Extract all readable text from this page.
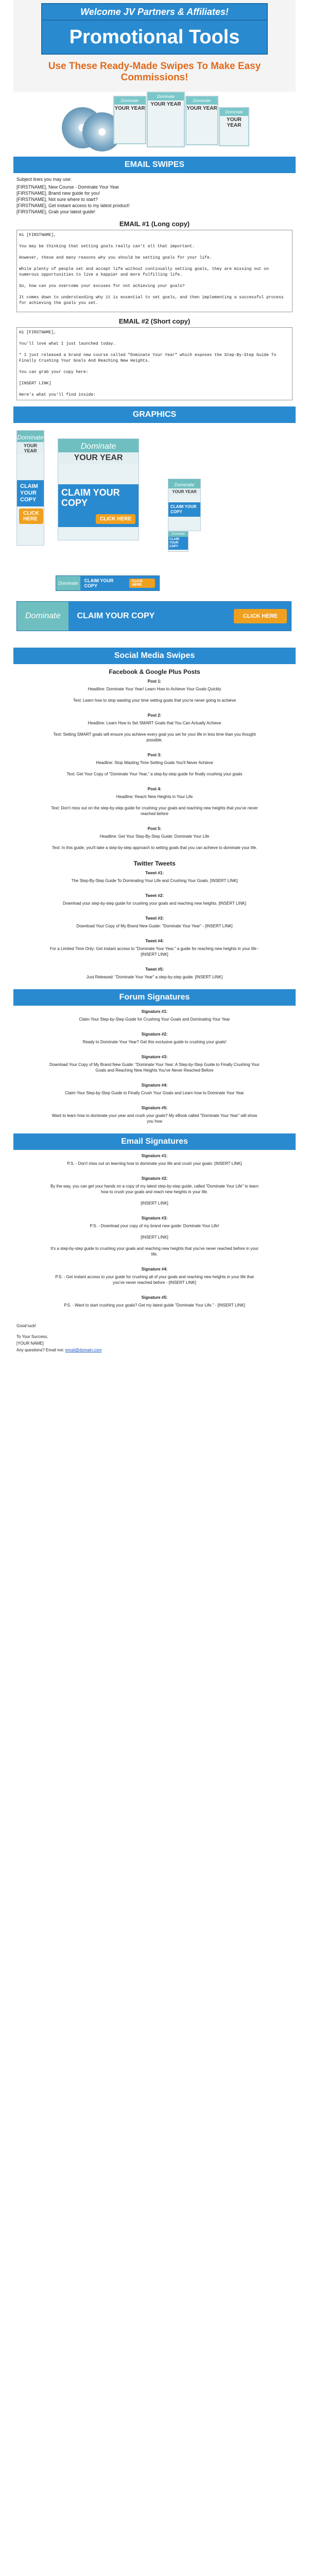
Welcome JV Partners & Affiliates!
Promotional Tools
Use These Ready-Made Swipes To Make Easy Commissions!
Dominate
YOUR YEAR
Dominate
YOUR YEAR
Dominate
YOUR YEAR
Dominate
YOUR YEAR
EMAIL SWIPES
Subject lines you may use:
[FIRSTNAME], New Course - Dominate Your Year
[FIRSTNAME], Brand new guide for you!
[FIRSTNAME], Not sure where to start?
[FIRSTNAME], Get instant access to my latest product!
[FIRSTNAME], Grab your latest guide!
EMAIL #1 (Long copy)
Hi [FIRSTNAME],

You may be thinking that setting goals really can't all that important.

However, these and many reasons why you should be setting goals for your life.

While plenty of people set and accept life without continually setting goals, they are missing out on numerous opportunities to live a happier and more fulfilling life.

So, how can you overcome your excuses for not achieving your goals?

It comes down to understanding why it is essential to set goals, and then implementing a successful process for achieving the goals you set.

EMAIL #2 (Short copy)
Hi [FIRSTNAME],

You'll love what I just launched today.

* I just released a brand new course called "Dominate Your Year" which exposes the Step-By-Step Guide To Finally Crushing Your Goals And Reaching New Heights.

You can grab your copy here:

[INSERT LINK]

Here's what you'll find inside:

GRAPHICS
Dominate
YOUR YEAR
CLAIM YOUR COPY
CLICK HERE
Dominate
YOUR YEAR
CLAIM YOUR COPY
CLICK HERE
Dominate
YOUR YEAR
CLAIM YOUR COPY
Dominate
CLAIM YOUR COPY
Dominate	CLAIM YOUR COPY
CLICK HERE
Dominate	CLAIM YOUR COPY	CLICK HERE
Social Media Swipes
Facebook & Google Plus Posts
Post 1:
Headline: Dominate Your Year! Learn How to Achieve Your Goals Quickly

Text: Learn how to stop wasting your time setting goals that you're never going to achieve
Post 2:
Headline: Learn How to Set SMART Goals that You Can Actually Achieve

Text: Setting SMART goals will ensure you achieve every goal you set for your life in less time than you thought possible.
Post 3:
Headline: Stop Wasting Time Setting Goals You'll Never Achieve

Text: Get Your Copy of "Dominate Your Year," a step-by-step guide for finally crushing your goals
Post 4:
Headline: Reach New Heights in Your Life

Text: Don't miss out on the step-by-step guide for crushing your goals and reaching new heights that you've never reached before
Post 5:
Headline: Get Your Step-By-Step Guide: Dominate Your Life

Text: In this guide, you'll take a step-by-step approach to setting goals that you can achieve to dominate your life.
Twitter Tweets
Tweet #1:
The Step-By-Step Guide To Dominating Your Life and Crushing Your Goals. [INSERT LINK]
Tweet #2:
Download your step-by-step guide for crushing your goals and reaching new heights. [INSERT LINK]
Tweet #3:
Download Your Copy of My Brand New Guide: "Dominate Your Year" - [INSERT LINK]
Tweet #4:
For a Limited Time Only: Get instant access to "Dominate Your Year," a guide for reaching new heights in your life - [INSERT LINK]
Tweet #5:
Just Released: "Dominate Your Year" a step-by-step guide. [INSERT LINK]
Forum Signatures
Signature #1:
Claim Your Step-by-Step Guide for Crushing Your Goals and Dominating Your Year
Signature #2:
Ready to Dominate Your Year? Get this exclusive guide to crushing your goals!
Signature #3:
Download Your Copy of My Brand New Guide: "Dominate Your Year: A Step-by-Step Guide to Finally Crushing Your Goals and Reaching New Heights You've Never Reached Before
Signature #4:
Claim Your Step-by-Step Guide to Finally Crush Your Goals and Learn how to Dominate Your Year
Signature #5:
Want to learn how to dominate your year and crush your goals? My eBook called "Dominate Your Year" will show you how
Email Signatures
Signature #1:
P.S. - Don't miss out on learning how to dominate your life and crush your goals: [INSERT LINK]
Signature #2:
By the way, you can get your hands on a copy of my latest step-by-step guide, called "Dominate Your Life" to learn how to crush your goals and reach new heights in your life.

[INSERT LINK]
Signature #3:
P.S. - Download your copy of my brand new guide: Dominate Your Life!

[INSERT LINK]

It's a step-by-step guide to crushing your goals and reaching new heights that you've never reached before in your life.
Signature #4:
P.S. - Get instant access to your guide for crushing all of your goals and reaching new heights in your life that you've never reached before - [INSERT LINK]
Signature #5:
P.S. - Want to start crushing your goals? Get my latest guide "Dominate Your Life." - [INSERT LINK]
Good luck!
To Your Success,
[YOUR NAME]
Any questions? Email me: email@domain.com
